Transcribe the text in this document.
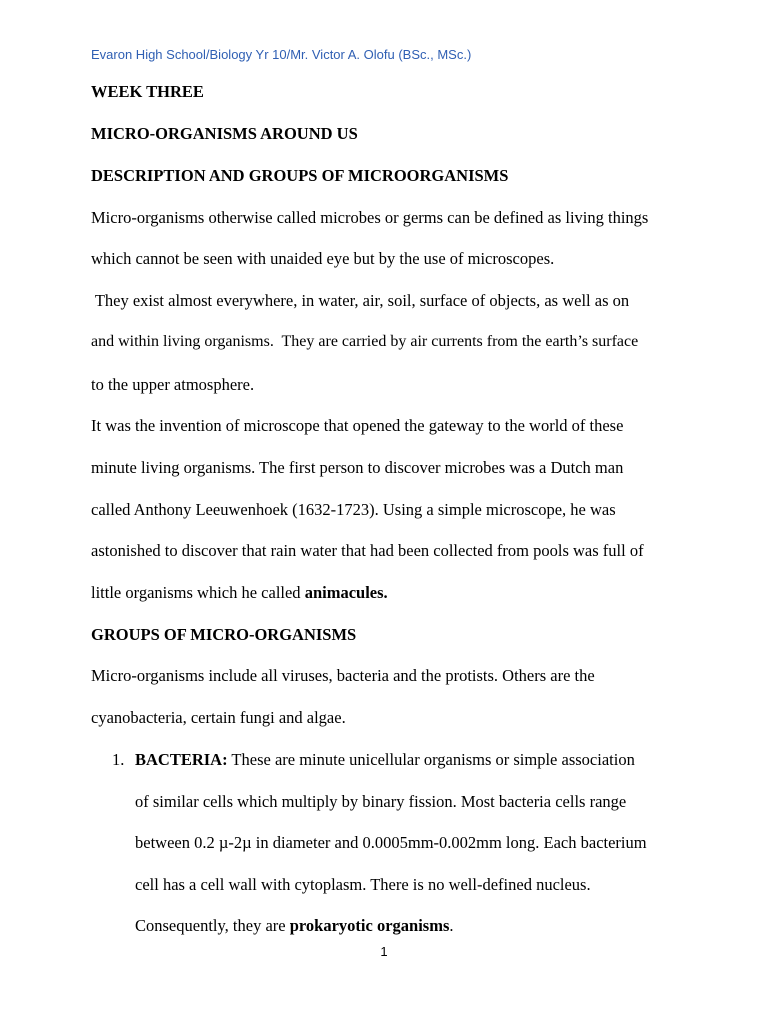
Evaron High School/Biology Yr 10/Mr. Victor A. Olofu (BSc., MSc.)
WEEK THREE
MICRO-ORGANISMS AROUND US
DESCRIPTION AND GROUPS OF MICROORGANISMS
Micro-organisms otherwise called microbes or germs can be defined as living things
which cannot be seen with unaided eye but by the use of microscopes.
They exist almost everywhere, in water, air, soil, surface of objects, as well as on
and within living organisms.  They are carried by air currents from the earth’s surface
to the upper atmosphere.
It was the invention of microscope that opened the gateway to the world of these
minute living organisms. The first person to discover microbes was a Dutch man
called Anthony Leeuwenhoek (1632-1723). Using a simple microscope, he was
astonished to discover that rain water that had been collected from pools was full of
little organisms which he called animacules.
GROUPS OF MICRO-ORGANISMS
Micro-organisms include all viruses, bacteria and the protists. Others are the
cyanobacteria, certain fungi and algae.
1. BACTERIA: These are minute unicellular organisms or simple association
of similar cells which multiply by binary fission. Most bacteria cells range
between 0.2 µ-2µ in diameter and 0.0005mm-0.002mm long. Each bacterium
cell has a cell wall with cytoplasm. There is no well-defined nucleus.
Consequently, they are prokaryotic organisms.
1
